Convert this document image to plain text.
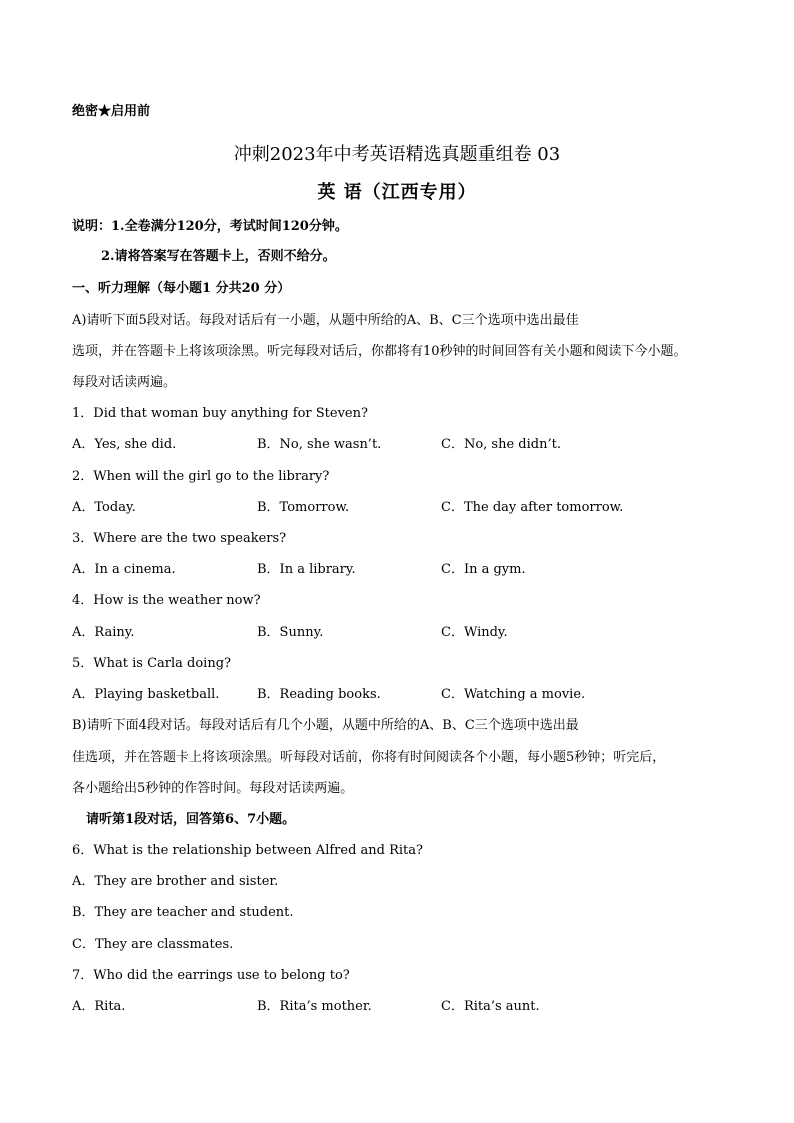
绝密★启用前
冲刺2023年中考英语精选真题重组卷 03
英 语（江西专用）
说明：1.全卷满分120分，考试时间120分钟。
2.请将答案写在答题卡上，否则不给分。
一、听力理解（每小题1 分共20 分）
A)请听下面5段对话。每段对话后有一小题，从题中所给的A、B、C三个选项中选出最佳
选项，并在答题卡上将该项涂黑。听完每段对话后，你都将有10秒钟的时间回答有关小题和阅读下今小题。
每段对话读两遍。
1．Did that woman buy anything for Steven?
A．Yes, she did.	B．No, she wasn’t.	C．No, she didn’t.
2．When will the girl go to the library?
A．Today.	B．Tomorrow.	C．The day after tomorrow.
3．Where are the two speakers?
A．In a cinema.	B．In a library.	C．In a gym.
4．How is the weather now?
A．Rainy.	B．Sunny.	C．Windy.
5．What is Carla doing?
A．Playing basketball.	B．Reading books.	C．Watching a movie.
B)请听下面4段对话。每段对话后有几个小题，从题中所给的A、B、C三个选项中选出最
佳选项，并在答题卡上将该项涂黑。听每段对话前，你将有时间阅读各个小题，每小题5秒钟；听完后，
各小题给出5秒钟的作答时间。每段对话读两遍。
请听第1段对话，回答第6、7小题。
6．What is the relationship between Alfred and Rita?
A．They are brother and sister.
B．They are teacher and student.
C．They are classmates.
7．Who did the earrings use to belong to?
A．Rita.	B．Rita’s mother.	C．Rita’s aunt.
